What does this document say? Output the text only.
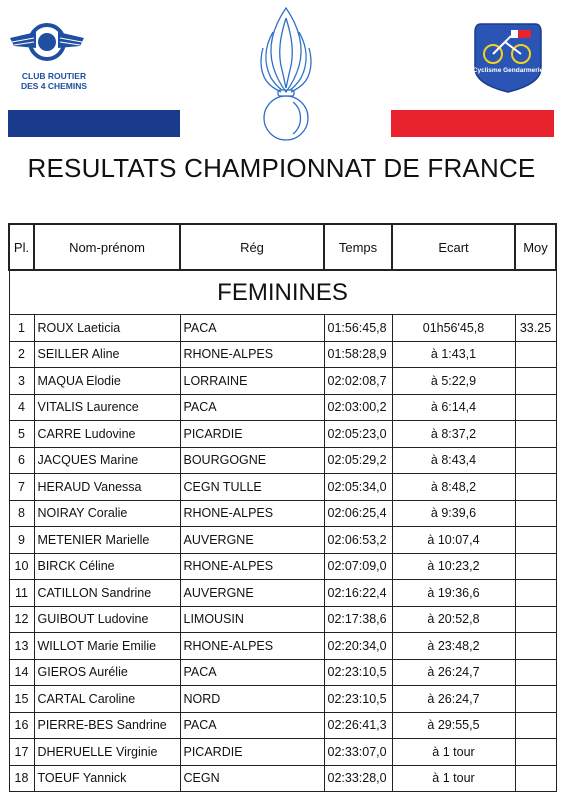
CLUB ROUTIER
DES 4 CHEMINS
Cyclisme Gendarmerie
RESULTATS CHAMPIONNAT DE FRANCE
Pl.	Nom-prénom	Rég	Temps	Ecart	Moy
FEMININES					
1	ROUX Laeticia	PACA	01:56:45,8	01h56'45,8	33.25
2	SEILLER Aline	RHONE-ALPES	01:58:28,9	à 1:43,1	
3	MAQUA Elodie	LORRAINE	02:02:08,7	à 5:22,9	
4	VITALIS Laurence	PACA	02:03:00,2	à 6:14,4	
5	CARRE Ludovine	PICARDIE	02:05:23,0	à 8:37,2	
6	JACQUES Marine	BOURGOGNE	02:05:29,2	à 8:43,4	
7	HERAUD Vanessa	CEGN TULLE	02:05:34,0	à 8:48,2	
8	NOIRAY Coralie	RHONE-ALPES	02:06:25,4	à 9:39,6	
9	METENIER Marielle	AUVERGNE	02:06:53,2	à 10:07,4	
10	BIRCK Céline	RHONE-ALPES	02:07:09,0	à 10:23,2	
11	CATILLON Sandrine	AUVERGNE	02:16:22,4	à 19:36,6	
12	GUIBOUT Ludovine	LIMOUSIN	02:17:38,6	à 20:52,8	
13	WILLOT Marie Emilie	RHONE-ALPES	02:20:34,0	à 23:48,2	
14	GIEROS Aurélie	PACA	02:23:10,5	à 26:24,7	
15	CARTAL Caroline	NORD	02:23:10,5	à 26:24,7	
16	PIERRE-BES Sandrine	PACA	02:26:41,3	à 29:55,5	
17	DHERUELLE Virginie	PICARDIE	02:33:07,0	à 1 tour	
18	TOEUF Yannick	CEGN	02:33:28,0	à 1 tour	
